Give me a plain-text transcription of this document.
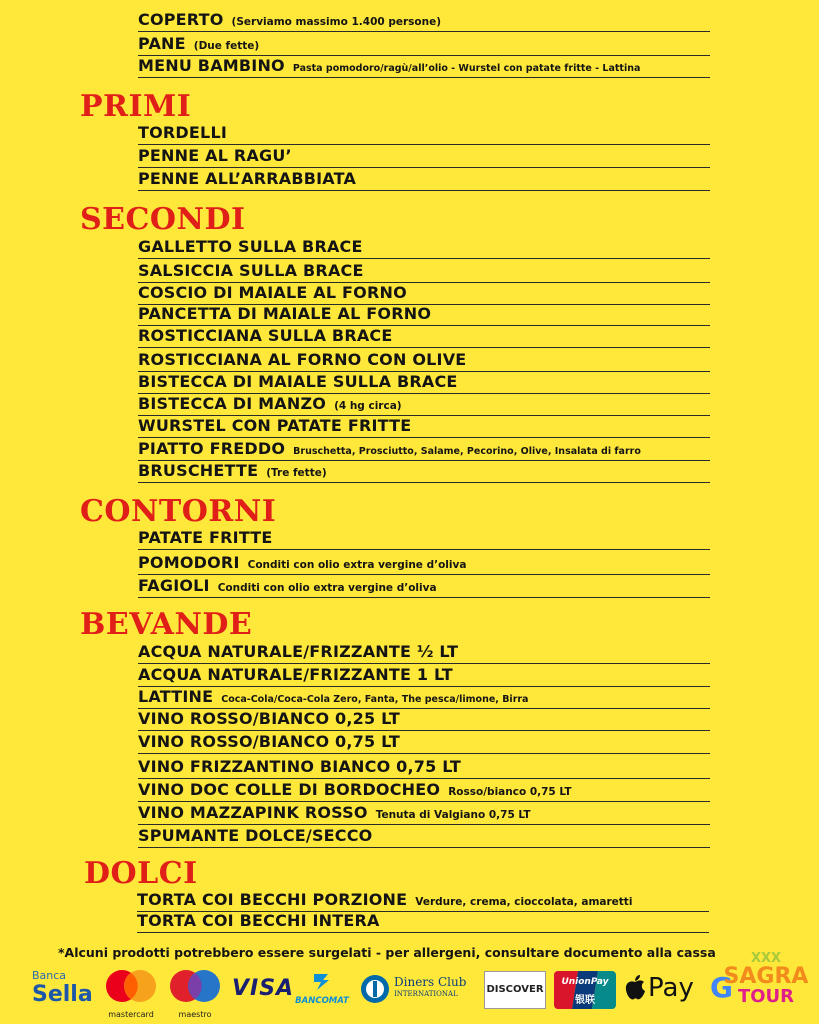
COPERTO (Serviamo massimo 1.400 persone)
PANE (Due fette)
MENU BAMBINO Pasta pomodoro/ragù/all’olio - Wurstel con patate fritte - Lattina
PRIMI
TORDELLI
PENNE AL RAGU’
PENNE ALL’ARRABBIATA
SECONDI
GALLETTO SULLA BRACE
SALSICCIA SULLA BRACE
COSCIO DI MAIALE AL FORNO
PANCETTA DI MAIALE AL FORNO
ROSTICCIANA SULLA BRACE
ROSTICCIANA AL FORNO CON OLIVE
BISTECCA DI MAIALE SULLA BRACE
BISTECCA DI MANZO (4 hg circa)
WURSTEL CON PATATE FRITTE
PIATTO FREDDO Bruschetta, Prosciutto, Salame, Pecorino, Olive, Insalata di farro
BRUSCHETTE (Tre fette)
CONTORNI
PATATE FRITTE
POMODORI Conditi con olio extra vergine d’oliva
FAGIOLI Conditi con olio extra vergine d’oliva
BEVANDE
ACQUA NATURALE/FRIZZANTE ½ LT
ACQUA NATURALE/FRIZZANTE 1 LT
LATTINE Coca-Cola/Coca-Cola Zero, Fanta, The pesca/limone, Birra
VINO ROSSO/BIANCO 0,25 LT
VINO ROSSO/BIANCO 0,75 LT
VINO FRIZZANTINO BIANCO 0,75 LT
VINO DOC COLLE DI BORDOCHEO Rosso/bianco 0,75 LT
VINO MAZZAPINK ROSSO Tenuta di Valgiano 0,75 LT
SPUMANTE DOLCE/SECCO
DOLCI
TORTA COI BECCHI PORZIONE Verdure, crema, cioccolata, amaretti
TORTA COI BECCHI INTERA
*Alcuni prodotti potrebbero essere surgelati - per allergeni, consultare documento alla cassa
Banca
Sella
mastercard	maestro
VISA BANCOMAT
Diners Club
INTERNATIONAL	DISCOVER
UnionPay
银联	Pay G
XXX
SAGRA
TOUR
